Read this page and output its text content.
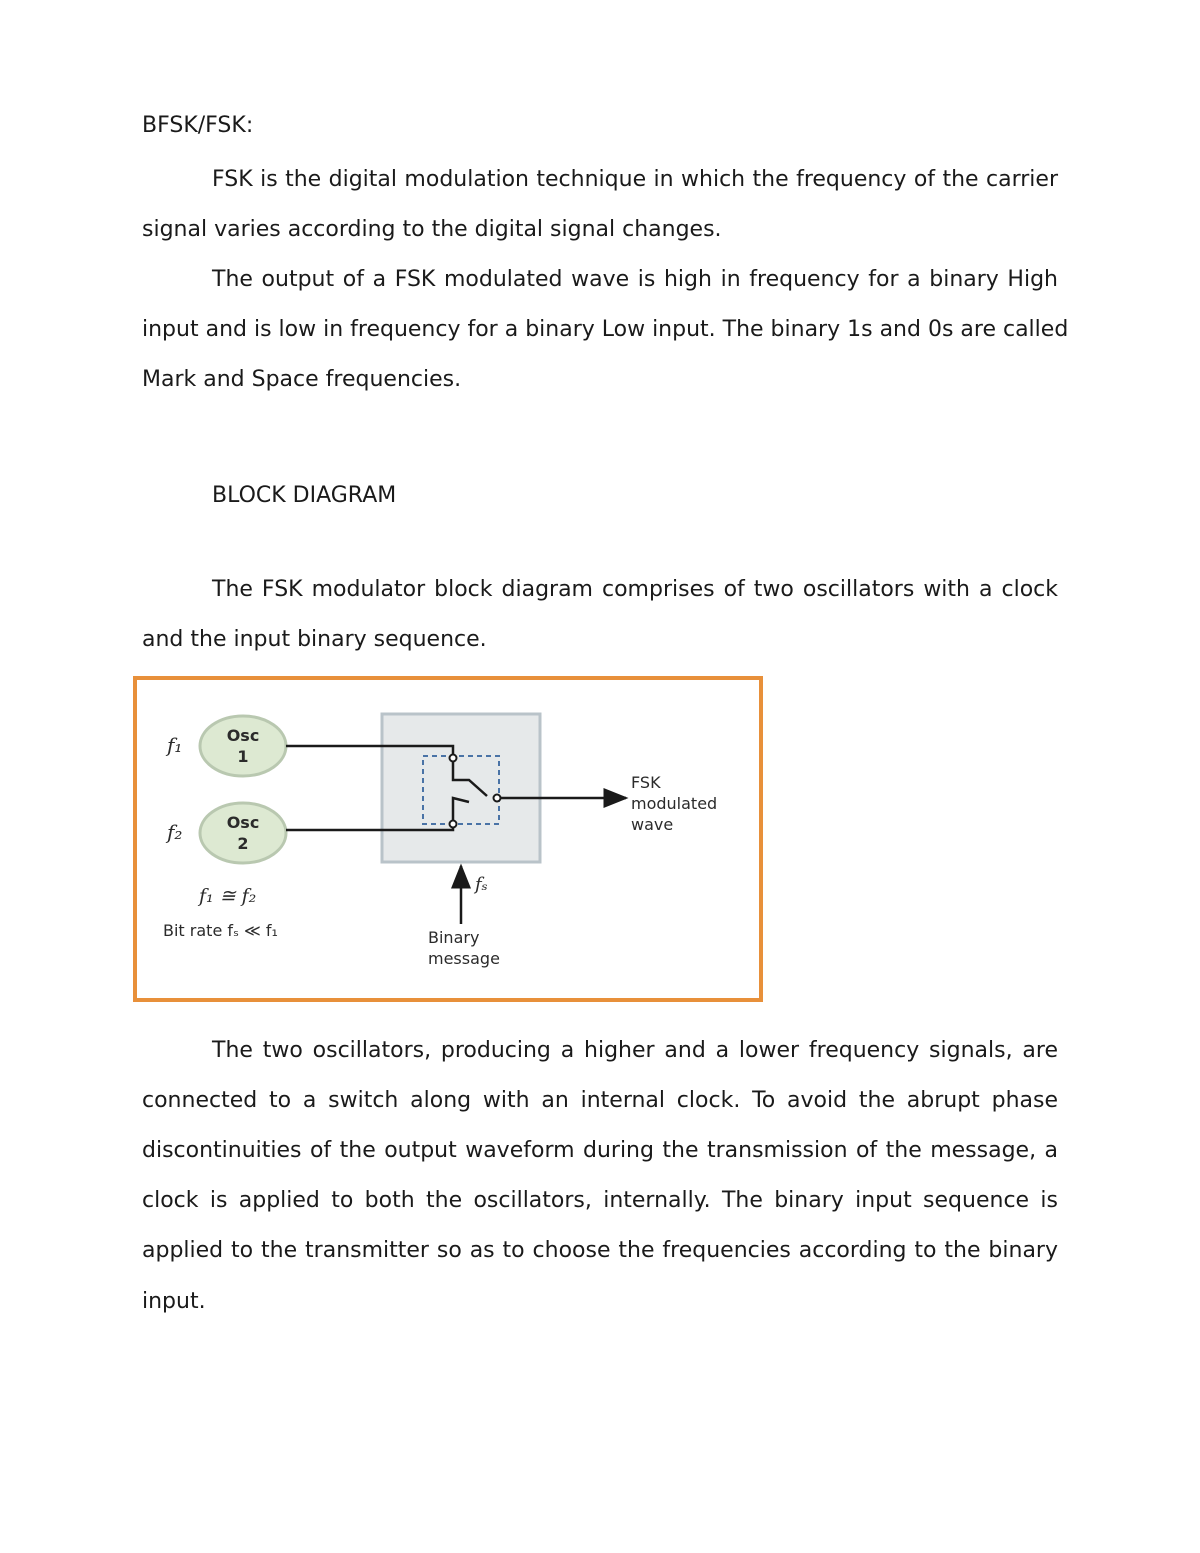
BFSK/FSK:
FSK is the digital modulation technique in which the frequency of the carrier
signal varies according to the digital signal changes.
The output of a FSK modulated wave is high in frequency for a binary High
input and is low in frequency for a binary Low input. The binary 1s and 0s are called
Mark and Space frequencies.
BLOCK DIAGRAM
The FSK modulator block diagram comprises of two oscillators with a clock
and the input binary sequence.
f₁	Osc
1
f₂	Osc
2
FSK
modulated
wave
fₛ
Binary
message
f₁ ≅ f₂
Bit rate fₛ ≪ f₁
The two oscillators, producing a higher and a lower frequency signals, are
connected to a switch along with an internal clock. To avoid the abrupt phase
discontinuities of the output waveform during the transmission of the message, a
clock is applied to both the oscillators, internally. The binary input sequence is
applied to the transmitter so as to choose the frequencies according to the binary
input.
